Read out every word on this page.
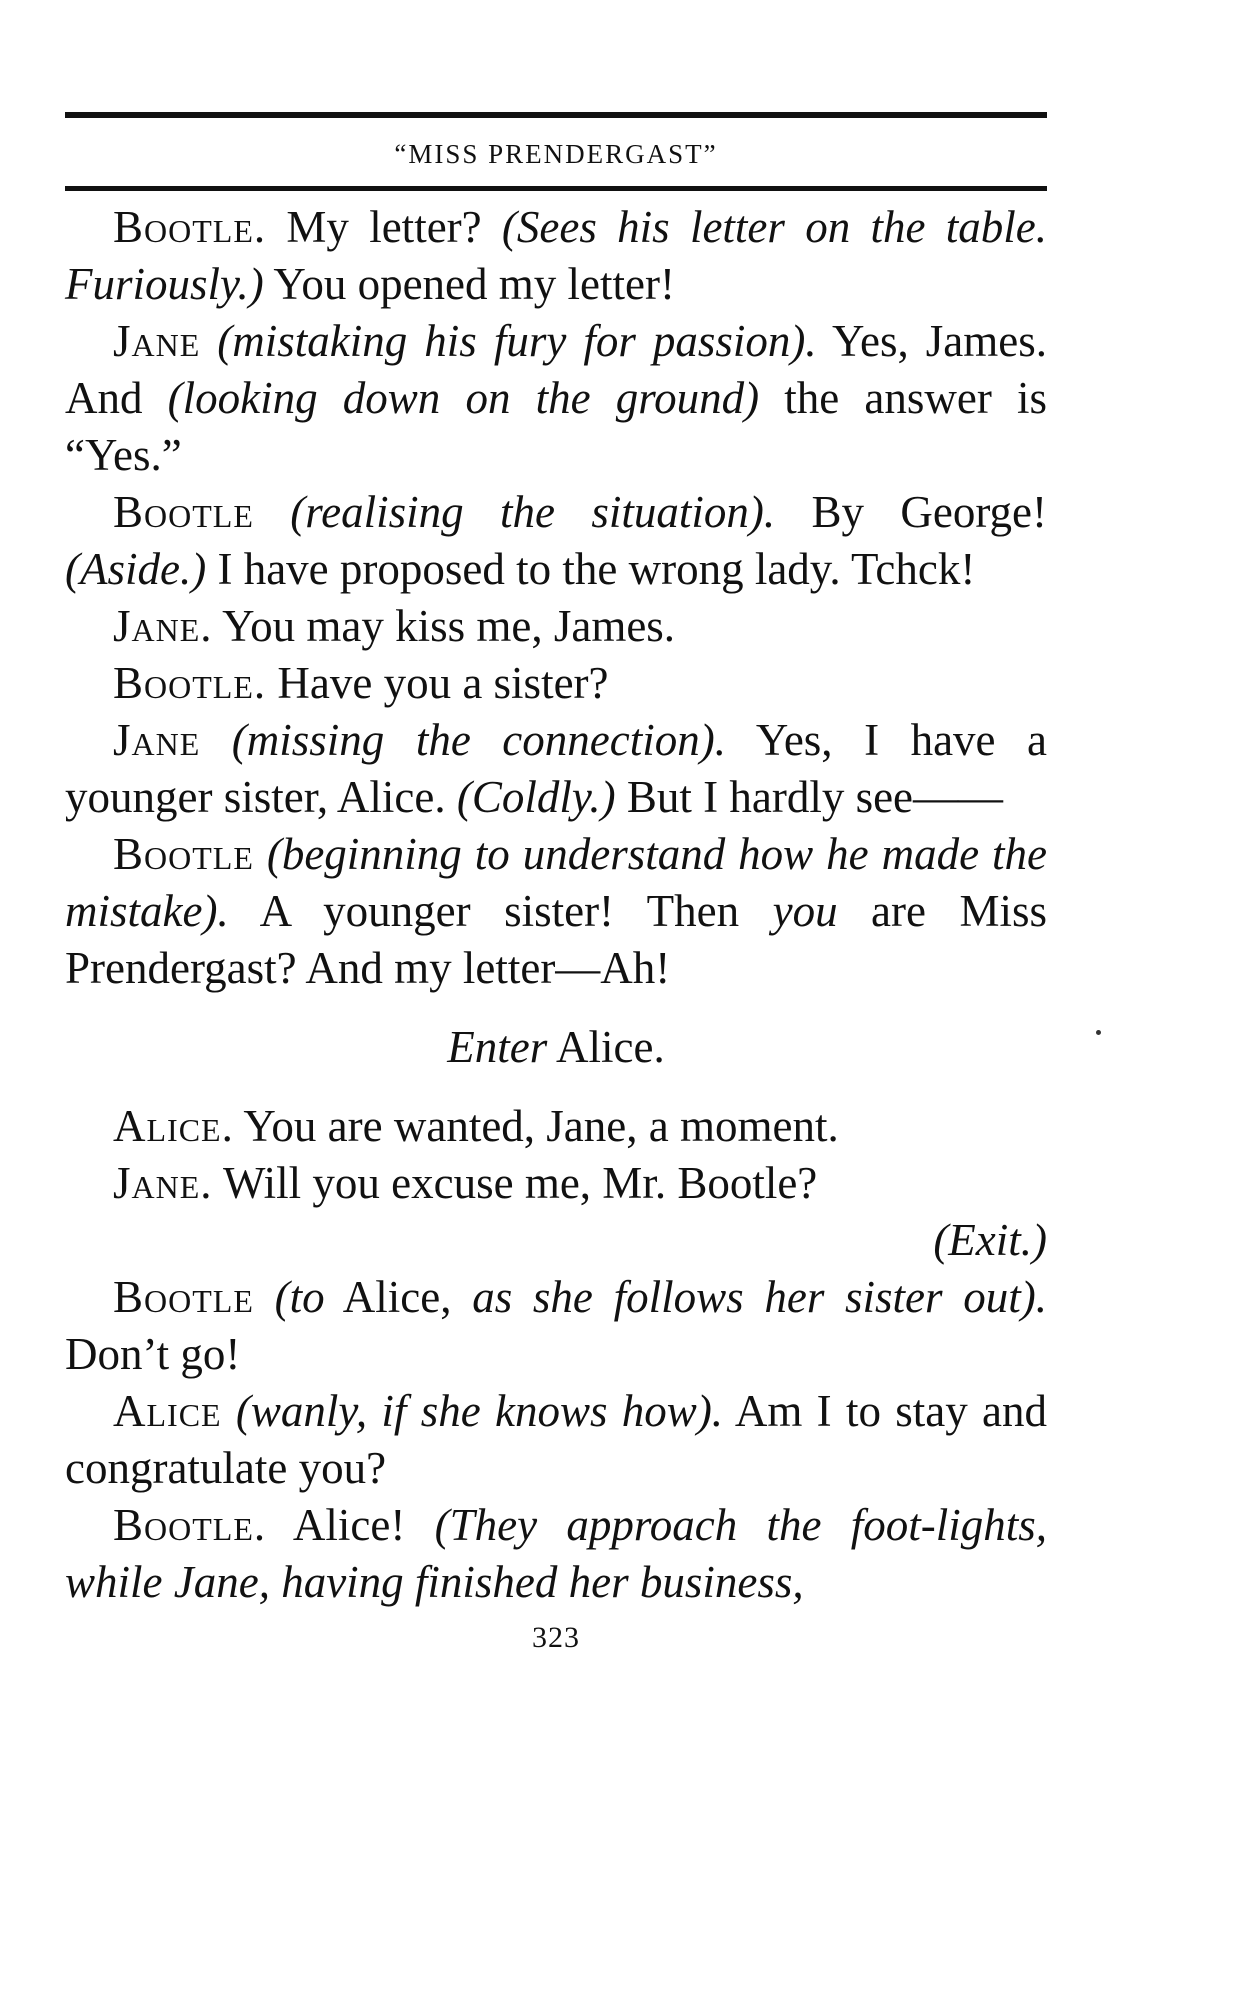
“MISS PRENDERGAST”

Bootle. My letter? (Sees his letter on the table. Furiously.) You opened my letter!

Jane (mistaking his fury for passion). Yes, James. And (looking down on the ground) the answer is “Yes.”

Bootle (realising the situation). By George! (Aside.) I have proposed to the wrong lady. Tchck!

Jane. You may kiss me, James.

Bootle. Have you a sister?

Jane (missing the connection). Yes, I have a younger sister, Alice. (Coldly.) But I hardly see——

Bootle (beginning to understand how he made the mistake). A younger sister! Then you are Miss Prendergast? And my letter—Ah!

Enter Alice.

Alice. You are wanted, Jane, a moment.

Jane. Will you excuse me, Mr. Bootle?

(Exit.)

Bootle (to Alice, as she follows her sister out). Don’t go!

Alice (wanly, if she knows how). Am I to stay and congratulate you?

Bootle. Alice! (They approach the foot-lights, while Jane, having finished her business,

323
